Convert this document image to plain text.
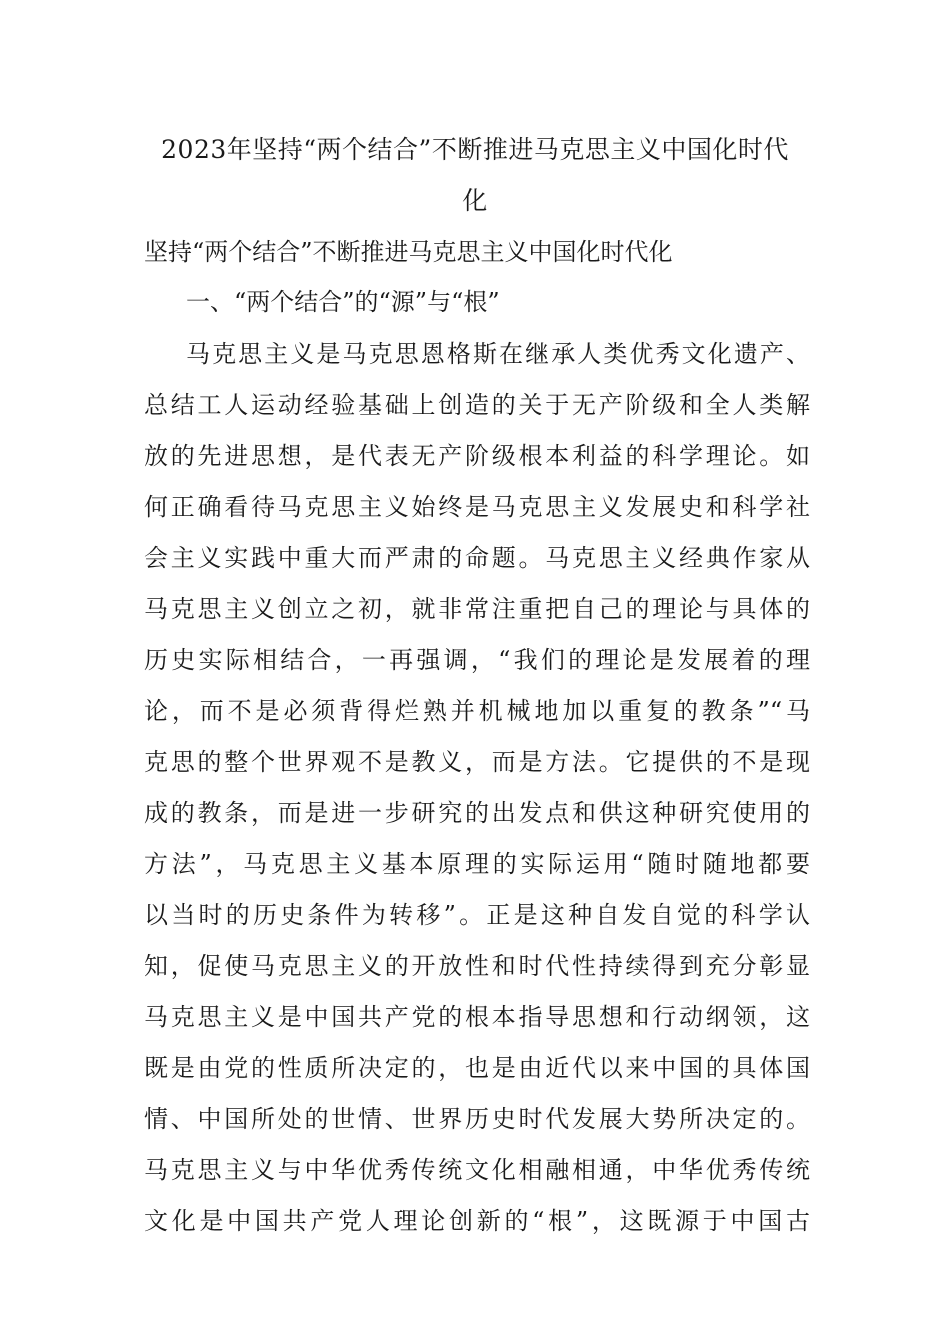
2023年坚持“两个结合”不断推进马克思主义中国化时代
化
坚持“两个结合”不断推进马克思主义中国化时代化
一、“两个结合”的“源”与“根”
马克思主义是马克思恩格斯在继承人类优秀文化遗产、
总结工人运动经验基础上创造的关于无产阶级和全人类解
放的先进思想，是代表无产阶级根本利益的科学理论。如
何正确看待马克思主义始终是马克思主义发展史和科学社
会主义实践中重大而严肃的命题。马克思主义经典作家从
马克思主义创立之初，就非常注重把自己的理论与具体的
历史实际相结合，一再强调，“我们的理论是发展着的理
论，而不是必须背得烂熟并机械地加以重复的教条”“马
克思的整个世界观不是教义，而是方法。它提供的不是现
成的教条，而是进一步研究的出发点和供这种研究使用的
方法”，马克思主义基本原理的实际运用“随时随地都要
以当时的历史条件为转移”。正是这种自发自觉的科学认
知，促使马克思主义的开放性和时代性持续得到充分彰显
马克思主义是中国共产党的根本指导思想和行动纲领，这
既是由党的性质所决定的，也是由近代以来中国的具体国
情、中国所处的世情、世界历史时代发展大势所决定的。
马克思主义与中华优秀传统文化相融相通，中华优秀传统
文化是中国共产党人理论创新的“根”，这既源于中国古
